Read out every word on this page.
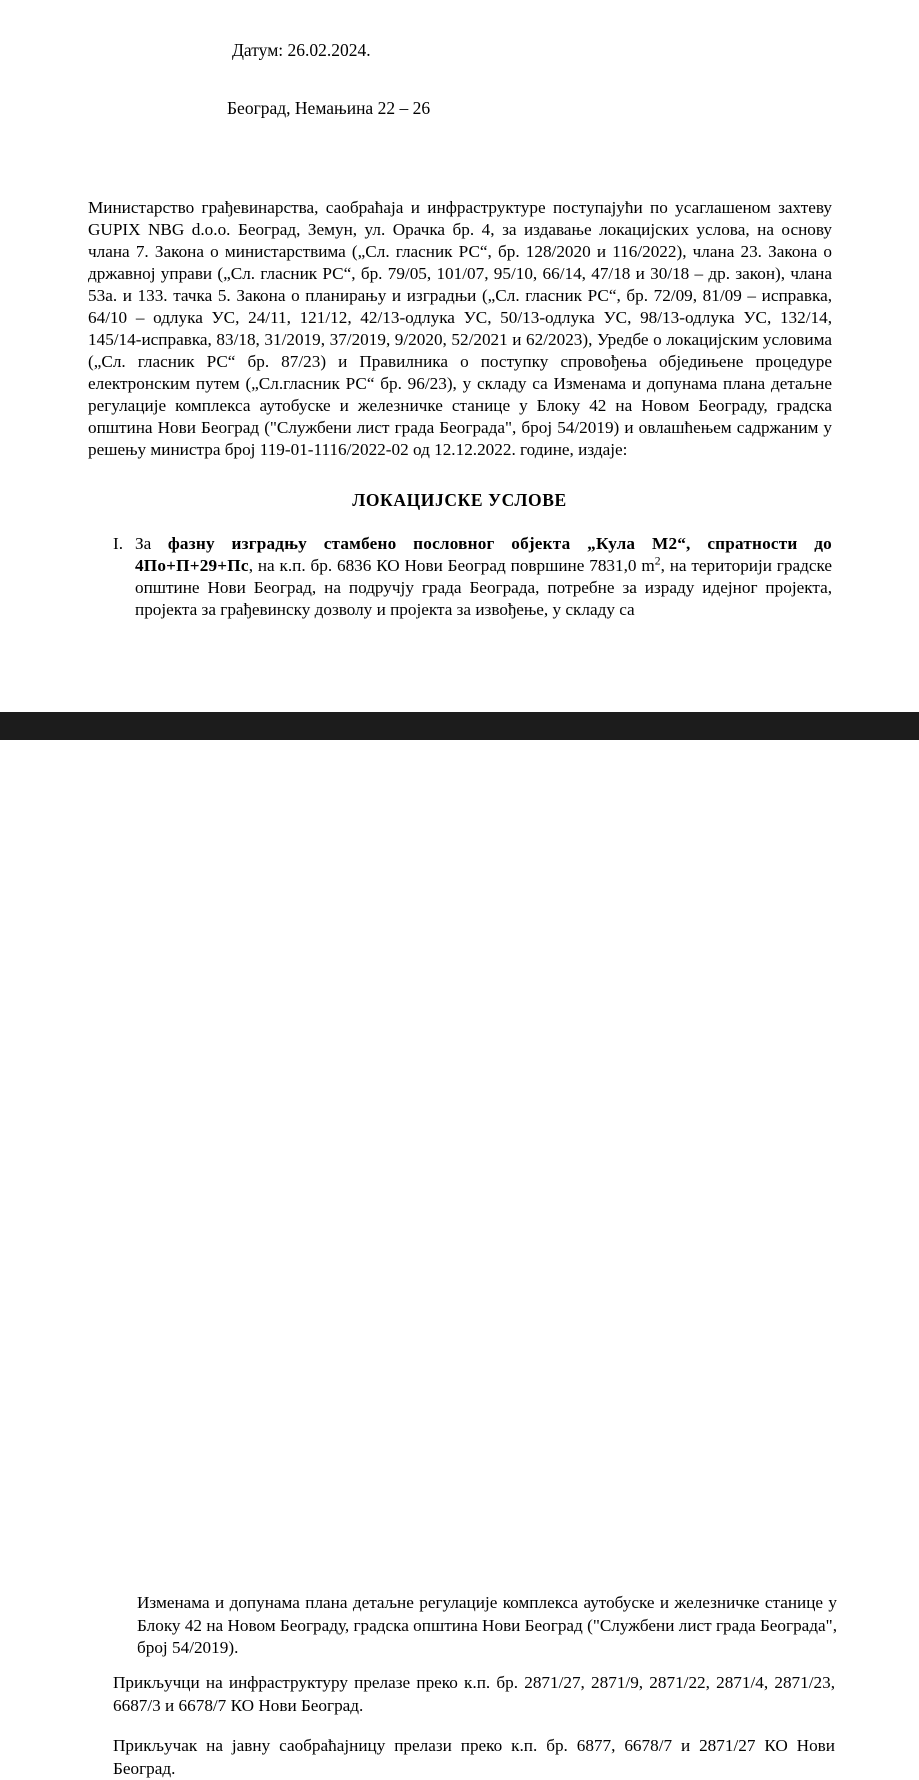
Датум: 26.02.2024.
Београд, Немањина 22 – 26

Министарство грађевинарства, саобраћаја и инфраструктуре поступајући по усаглашеном захтеву GUPIX NBG d.o.o. Београд, Земун, ул. Орачка бр. 4, за издавање локацијских услова, на основу члана 7. Закона о министарствима („Сл. гласник РС“, бр. 128/2020 и 116/2022), члана 23. Закона о државној управи („Сл. гласник РС“, бр. 79/05, 101/07, 95/10, 66/14, 47/18 и 30/18 – др. закон), члана 53а. и 133. тачка 5. Закона о планирању и изградњи („Сл. гласник РС“, бр. 72/09, 81/09 – исправка, 64/10 – одлука УС, 24/11, 121/12, 42/13-одлука УС, 50/13-одлука УС, 98/13-одлука УС, 132/14, 145/14-исправка, 83/18, 31/2019, 37/2019, 9/2020, 52/2021 и 62/2023), Уредбе о локацијским условима („Сл. гласник РС“ бр. 87/23) и Правилника о поступку спровођења обједињене процедуре електронским путем („Сл.гласник РС“ бр. 96/23), у складу са Изменама и допунама плана детаљне регулације комплекса аутобуске и железничке станице у Блоку 42 на Новом Београду, градска општина Нови Београд ("Службени лист града Београда", број 54/2019) и овлашћењем садржаним у решењу министра број 119-01-1116/2022-02 од 12.12.2022. године, издаје:

ЛОКАЦИЈСКЕ УСЛОВЕ
I. За фазну изградњу стамбено пословног објекта „Кула М2“, спратности до 4По+П+29+Пс, на к.п. бр. 6836 КО Нови Београд површине 7831,0 $m^2$, на територији градске општине Нови Београд, на подручју града Београда, потребне за израду идејног пројекта, пројекта за грађевинску дозволу и пројекта за извођење, у складу са

Изменама и допунама плана детаљне регулације комплекса аутобуске и железничке станице у Блоку 42 на Новом Београду, градска општина Нови Београд ("Службени лист града Београда", број 54/2019).

Прикључци на инфраструктуру прелазе преко к.п. бр. 2871/27, 2871/9, 2871/22, 2871/4, 2871/23, 6687/3 и 6678/7 КО Нови Београд.

Прикључак на јавну саобраћајницу прелази преко к.п. бр. 6877, 6678/7 и 2871/27 КО Нови Београд.
